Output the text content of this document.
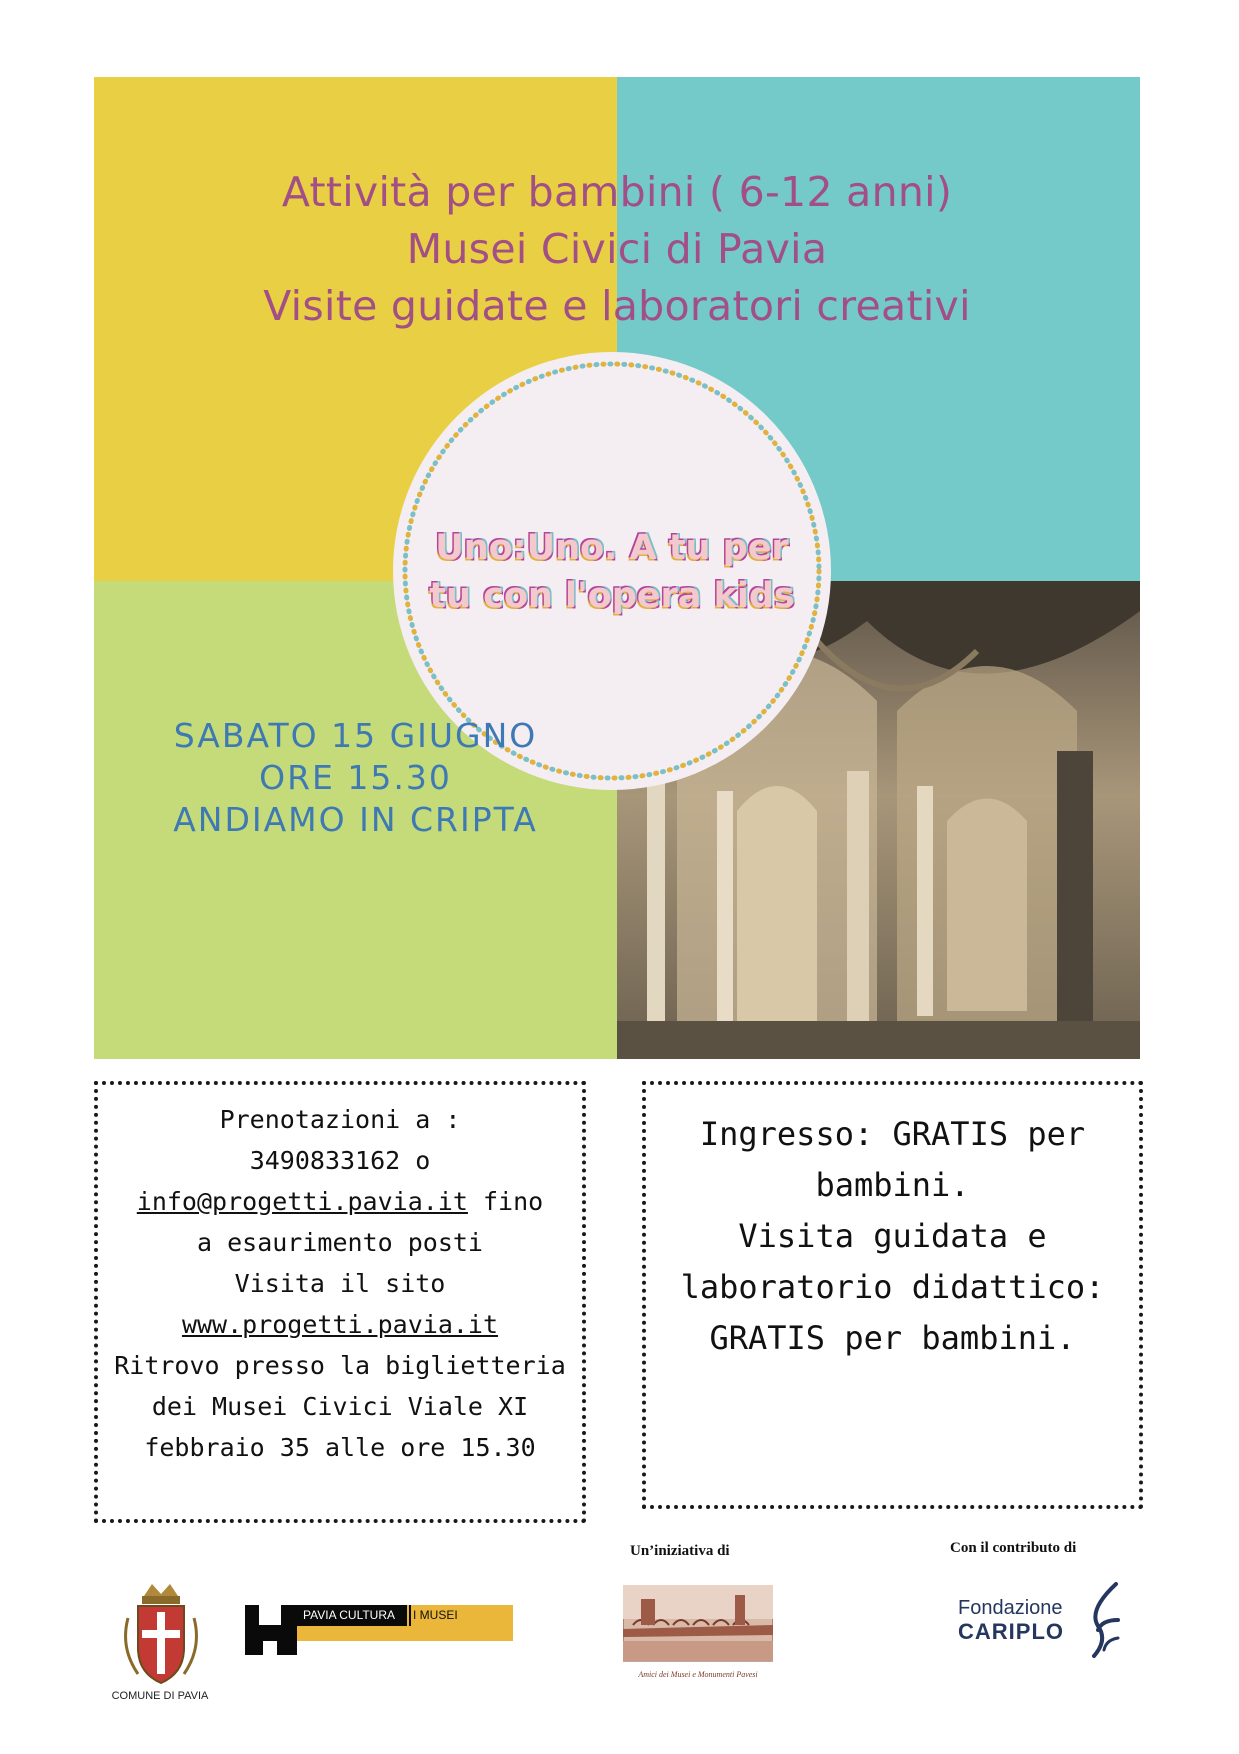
Attività per bambini ( 6-12 anni)
Musei Civici di Pavia
Visite guidate e laboratori creativi
Uno:Uno. A tu per
tu con l'opera kids
SABATO 15 GIUGNO
ORE 15.30
ANDIAMO IN CRIPTA
Prenotazioni a :
3490833162 o
info@progetti.pavia.it fino
a esaurimento posti
Visita il sito
www.progetti.pavia.it
Ritrovo presso la biglietteria
dei Musei Civici Viale XI
febbraio 35 alle ore 15.30
Ingresso: GRATIS per
bambini.
Visita guidata e
laboratorio didattico:
GRATIS per bambini.
Un’iniziativa di	Con il contributo di
COMUNE DI PAVIA
PAVIA CULTURA I MUSEI
Amici dei Musei e Monumenti Pavesi
Fondazione
CARIPLO
